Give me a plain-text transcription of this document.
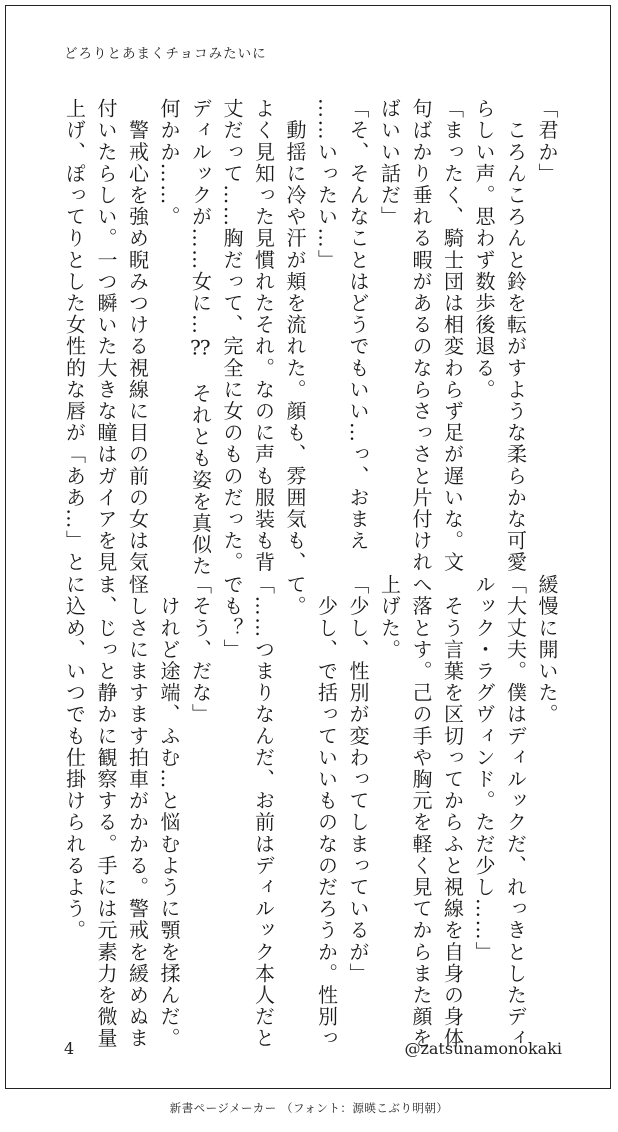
どろりとあまくチョコみたいに
「君か」
　ころんころんと鈴を転がすような柔らかな可愛
らしい声。思わず数歩後退る。
「まったく、騎士団は相変わらず足が遅いな。文
句ばかり垂れる暇があるのならさっさと片付けれ
ばいい話だ」
「そ、そんなことはどうでもいい…っ、おまえ
……いったい…」
　動揺に冷や汗が頬を流れた。顔も、雰囲気も、
よく見知った見慣れたそれ。なのに声も服装も背
丈だって……胸だって、完全に女のものだった。
ディルックが……女に…⁇　それとも姿を真似た
何かか……。
　警戒心を強め睨みつける視線に目の前の女は気
付いたらしい。一つ瞬いた大きな瞳はガイアを見
上げ、ぽってりとした女性的な唇が「ああ…」と
緩慢に開いた。
「大丈夫。僕はディルックだ、れっきとしたディ
ルック・ラグヴィンド。ただ少し……」
　そう言葉を区切ってからふと視線を自身の身体
へ落とす。己の手や胸元を軽く見てからまた顔を
上げた。
「少し、性別が変わってしまっているが」
　少し、で括っていいものなのだろうか。性別っ
て。
「……つまりなんだ、お前はディルック本人だと
でも？」
「そう、だな」
　けれど途端、ふむ…と悩むように顎を揉んだ。
怪しさにますます拍車がかかる。警戒を緩めぬま
ま、じっと静かに観察する。手には元素力を微量
に込め、いつでも仕掛けられるよう。
4	@zatsunamonokaki
新書ページメーカー （フォント：源暎こぶり明朝）
